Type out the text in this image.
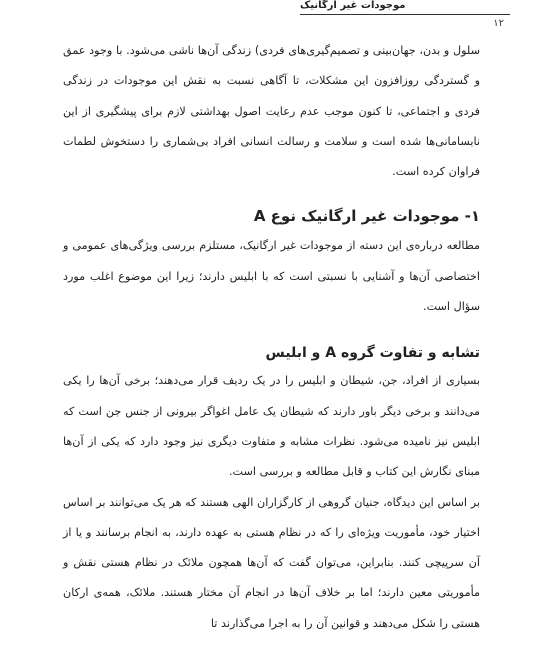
موجودات غیر ارگانیک
۱۲

سلول و بدن، جهان‌بینی و تصمیم‌گیری‌های فردی) زندگی آن‌ها ناشی می‌شود. با وجود عمق و گستردگی روزافزون این مشکلات، تا آگاهی نسبت به نقش این موجودات در زندگی فردی و اجتماعی، تا کنون موجب عدم رعایت اصول بهداشتی لازم برای پیشگیری از این نابسامانی‌ها شده است و سلامت و رسالت انسانی افراد بی‌شماری را دستخوش لطمات فراوان کرده است.

۱- موجودات غیر ارگانیک نوع A

مطالعه درباره‌ی این دسته از موجودات غیر ارگانیک، مستلزم بررسی ویژگی‌های عمومی و اختصاصی آن‌ها و آشنایی با نسبتی است که با ابلیس دارند؛ زیرا این موضوع اغلب مورد سؤال است.

تشابه و تفاوت گروه A و ابلیس

بسیاری از افراد، جن، شیطان و ابلیس را در یک ردیف قرار می‌دهند؛ برخی آن‌ها را یکی می‌دانند و برخی دیگر باور دارند که شیطان یک عامل اغواگر بیرونی از جنس جن است که ابلیس نیز نامیده می‌شود. نظرات مشابه و متفاوت دیگری نیز وجود دارد که یکی از آن‌ها مبنای نگارش این کتاب و قابل مطالعه و بررسی است.

بر اساس این دیدگاه، جنیان گروهی از کارگزاران الهی هستند که هر یک می‌توانند بر اساس اختیار خود، مأموریت ویژه‌ای را که در نظام هستی به عهده دارند، به انجام برسانند و یا از آن سرپیچی کنند. بنابراین، می‌توان گفت که آن‌ها همچون ملائک در نظام هستی نقش و مأموریتی معین دارند؛ اما بر خلاف آن‌ها در انجام آن مختار هستند. ملائک، همه‌ی ارکان هستی را شکل می‌دهند و قوانین آن را به اجرا می‌گذارند تا
